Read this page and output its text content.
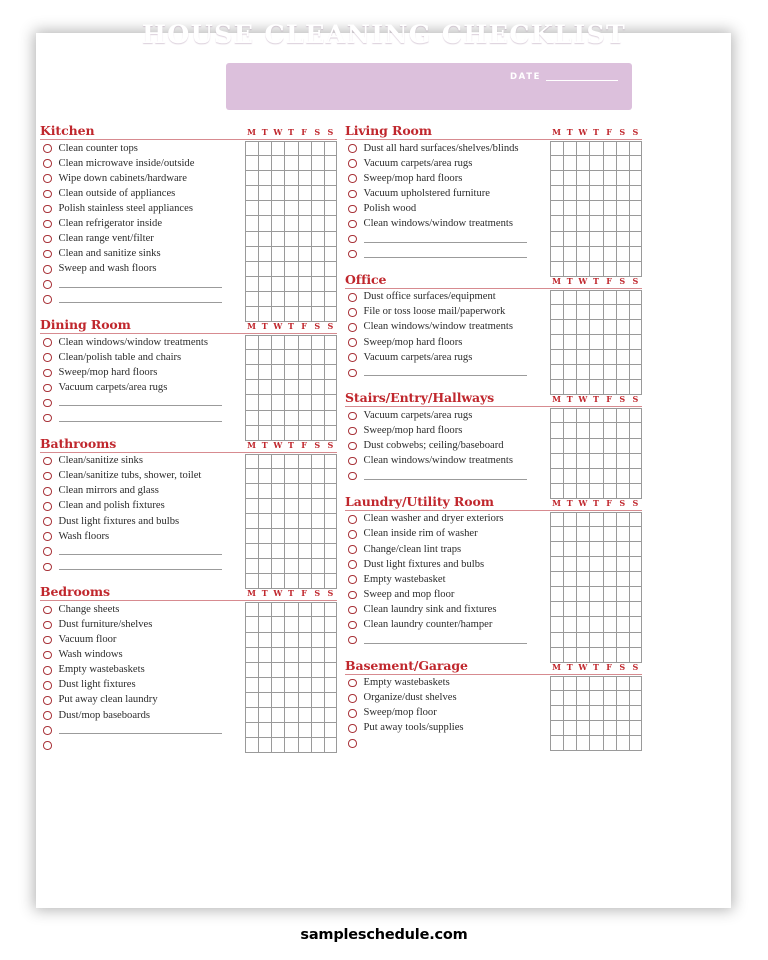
DATE
HOUSE CLEANING CHECKLIST
Kitchen	M T W T F S S
Clean counter tops
Clean microwave inside/outside
Wipe down cabinets/hardware
Clean outside of appliances
Polish stainless steel appliances
Clean refrigerator inside
Clean range vent/filter
Clean and sanitize sinks
Sweep and wash floors
Dining Room	M T W T F S S
Clean windows/window treatments
Clean/polish table and chairs
Sweep/mop hard floors
Vacuum carpets/area rugs
Bathrooms	M T W T F S S
Clean/sanitize sinks
Clean/sanitize tubs, shower, toilet
Clean mirrors and glass
Clean and polish fixtures
Dust light fixtures and bulbs
Wash floors
Bedrooms	M T W T F S S
Change sheets
Dust furniture/shelves
Vacuum floor
Wash windows
Empty wastebaskets
Dust light fixtures
Put away clean laundry
Dust/mop baseboards
Living Room	M T W T F S S
Dust all hard surfaces/shelves/blinds
Vacuum carpets/area rugs
Sweep/mop hard floors
Vacuum upholstered furniture
Polish wood
Clean windows/window treatments
Office	M T W T F S S
Dust office surfaces/equipment
File or toss loose mail/paperwork
Clean windows/window treatments
Sweep/mop hard floors
Vacuum carpets/area rugs
Stairs/Entry/Hallways	M T W T F S S
Vacuum carpets/area rugs
Sweep/mop hard floors
Dust cobwebs; ceiling/baseboard
Clean windows/window treatments
Laundry/Utility Room	M T W T F S S
Clean washer and dryer exteriors
Clean inside rim of washer
Change/clean lint traps
Dust light fixtures and bulbs
Empty wastebasket
Sweep and mop floor
Clean laundry sink and fixtures
Clean laundry counter/hamper
Basement/Garage	M T W T F S S
Empty wastebaskets
Organize/dust shelves
Sweep/mop floor
Put away tools/supplies
sampleschedule.com
